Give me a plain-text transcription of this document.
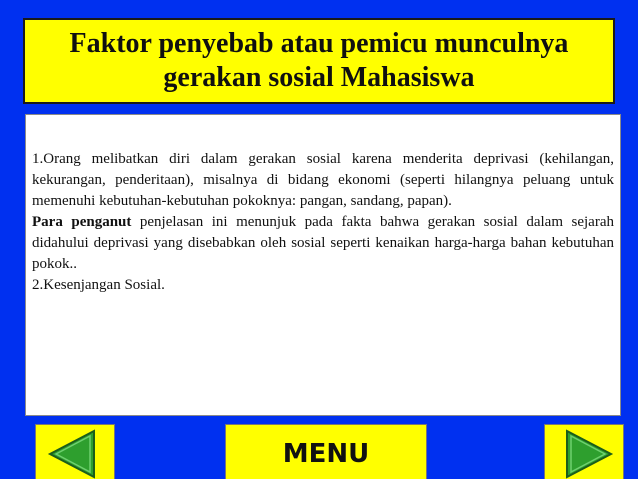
Faktor penyebab atau pemicu munculnya
gerakan sosial Mahasiswa

1.Orang melibatkan diri dalam gerakan sosial karena menderita deprivasi (kehilangan, kekurangan, penderitaan), misalnya di bidang ekonomi (seperti hilangnya peluang untuk memenuhi kebutuhan-kebutuhan pokoknya: pangan, sandang, papan).

Para penganut penjelasan ini menunjuk pada fakta bahwa gerakan sosial dalam sejarah didahului deprivasi yang disebabkan oleh sosial seperti kenaikan harga-harga bahan kebutuhan pokok..

2.Kesenjangan Sosial.

MENU
